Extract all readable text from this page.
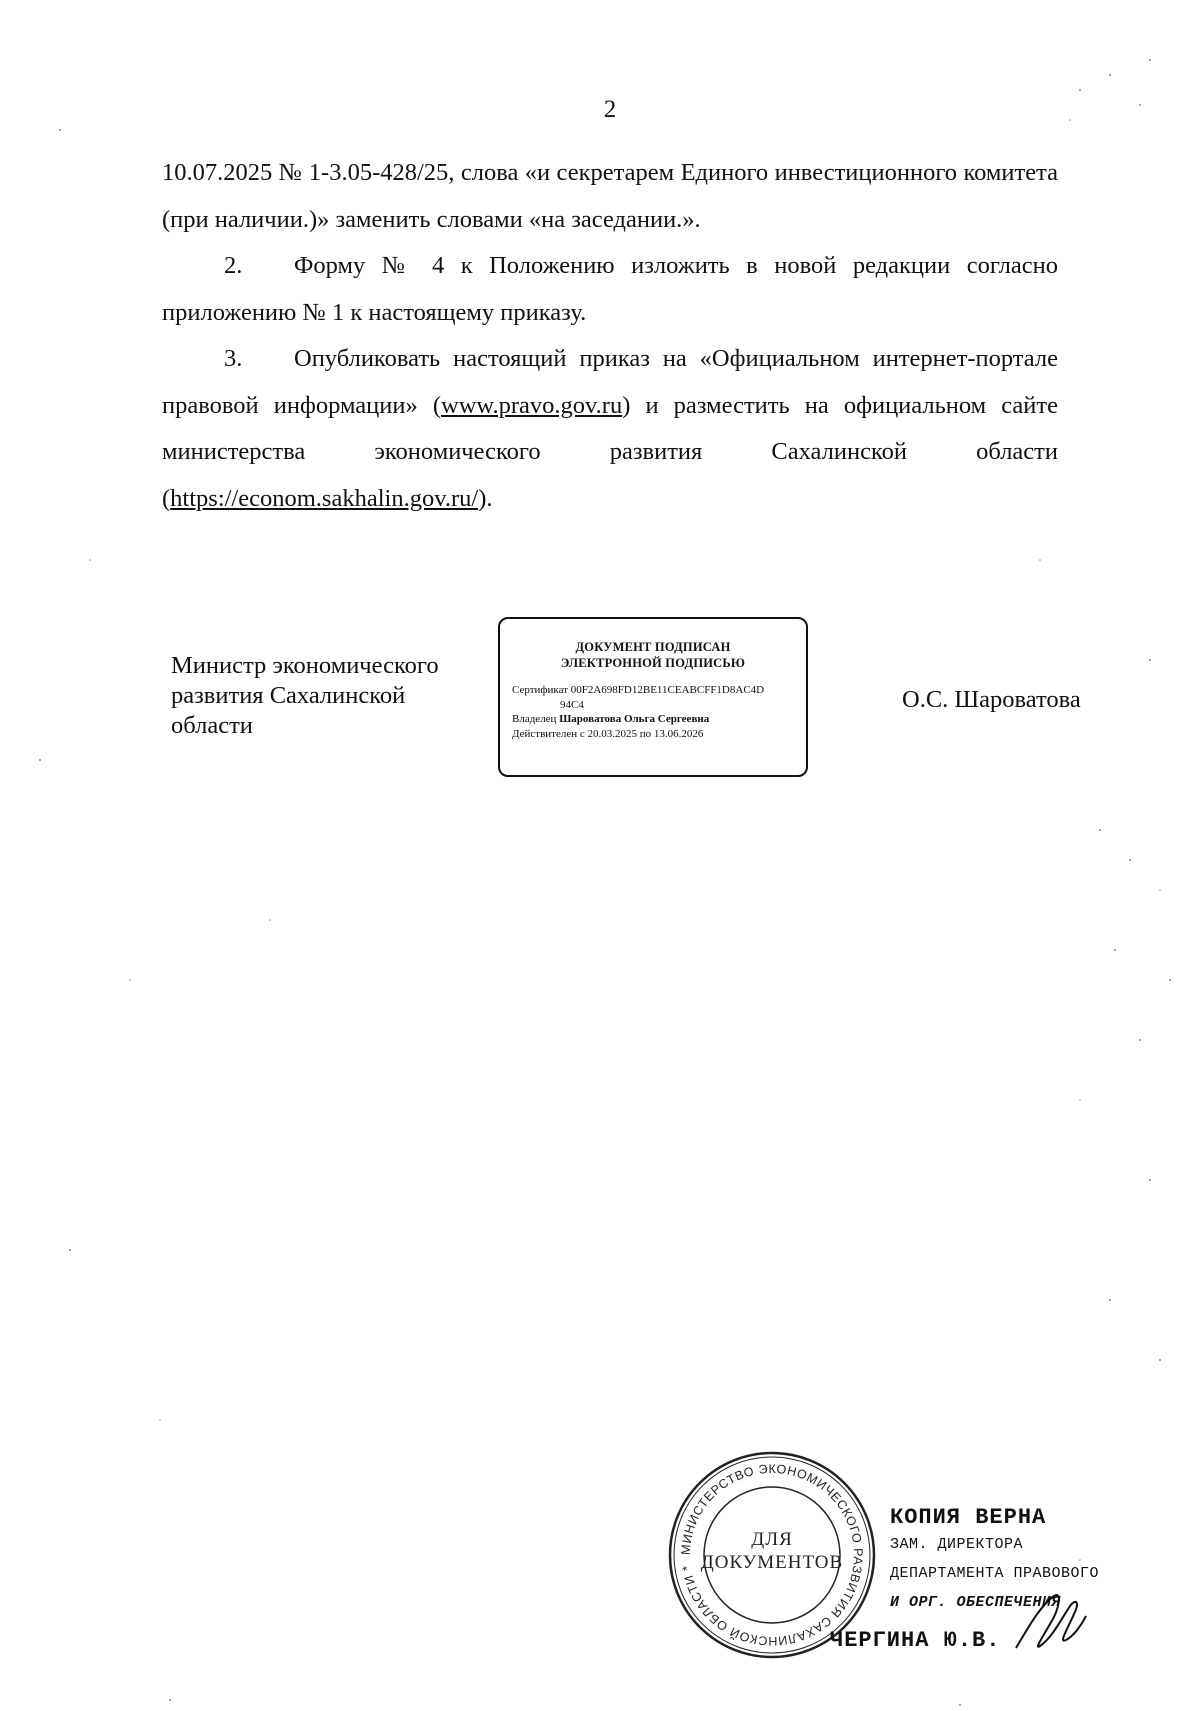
2

10.07.2025 № 1-3.05-428/25, слова «и секретарем Единого инвестиционного комитета (при наличии.)» заменить словами «на заседании.».

2. Форму № 4 к Положению изложить в новой редакции согласно приложению № 1 к настоящему приказу.

3. Опубликовать настоящий приказ на «Официальном интернет-портале правовой информации» (www.pravo.gov.ru) и разместить на официальном сайте министерства экономического развития Сахалинской области (https://econom.sakhalin.gov.ru/).

Министр экономического
развития Сахалинской
области
ДОКУМЕНТ ПОДПИСАН
ЭЛЕКТРОННОЙ ПОДПИСЬЮ
Сертификат 00F2A698FD12BE11CEABCFF1D8AC4D
94C4
Владелец Шароватова Ольга Сергеевна
Действителен с 20.03.2025 по 13.06.2026
О.С. Шароватова
МИНИСТЕРСТВО ЭКОНОМИЧЕСКОГО РАЗВИТИЯ САХАЛИНСКОЙ ОБЛАСТИ *
ДЛЯ
ДОКУМЕНТОВ
КОПИЯ ВЕРНА
ЗАМ. ДИРЕКТОРА
ДЕПАРТАМЕНТА ПРАВОВОГО
И ОРГ. ОБЕСПЕЧЕНИЯ
ЧЕРГИНА Ю.В.
